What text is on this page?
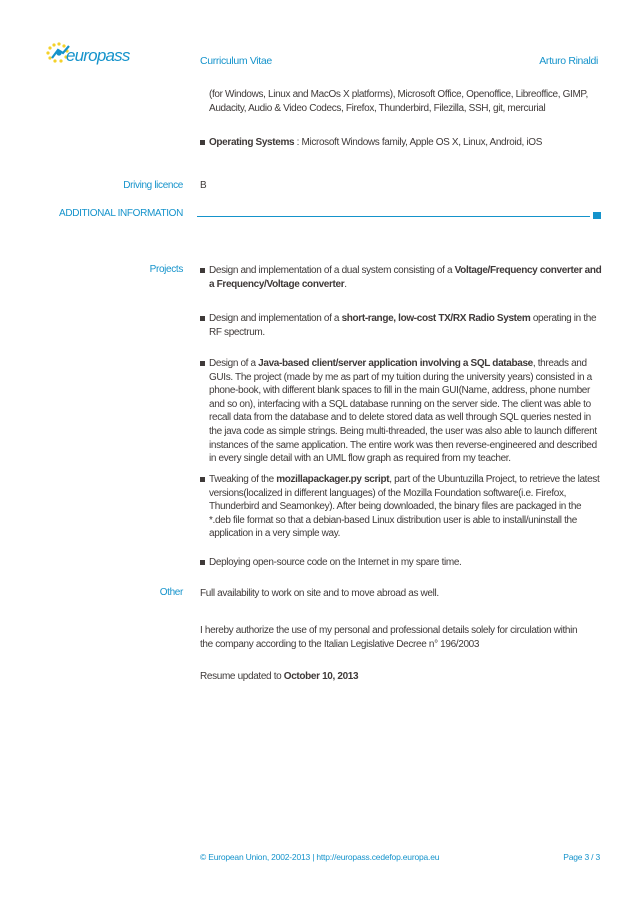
europass	Curriculum Vitae	Arturo Rinaldi
(for Windows, Linux and MacOs X platforms), Microsoft Office, Openoffice, Libreoffice, GIMP, Audacity, Audio & Video Codecs, Firefox, Thunderbird, Filezilla, SSH, git, mercurial
Operating Systems : Microsoft Windows family, Apple OS X, Linux, Android, iOS
Driving licence B
ADDITIONAL INFORMATION
Projects	Design and implementation of a dual system consisting of a Voltage/Frequency converter and a Frequency/Voltage converter.
Design and implementation of a short-range, low-cost TX/RX Radio System operating in the RF spectrum.
Design of a Java-based client/server application involving a SQL database, threads and GUIs. The project (made by me as part of my tuition during the university years) consisted in a phone-book, with different blank spaces to fill in the main GUI(Name, address, phone number and so on), interfacing with a SQL database running on the server side. The client was able to recall data from the database and to delete stored data as well through SQL queries nested in the java code as simple strings. Being multi-threaded, the user was also able to launch different instances of the same application. The entire work was then reverse-engineered and described in every single detail with an UML flow graph as required from my teacher.
Tweaking of the mozillapackager.py script, part of the Ubuntuzilla Project, to retrieve the latest versions(localized in different languages) of the Mozilla Foundation software(i.e. Firefox, Thunderbird and Seamonkey). After being downloaded, the binary files are packaged in the *.deb file format so that a debian-based Linux distribution user is able to install/uninstall the application in a very simple way.
Deploying open-source code on the Internet in my spare time.
Other Full availability to work on site and to move abroad as well.
I hereby authorize the use of my personal and professional details solely for circulation within the company according to the Italian Legislative Decree n° 196/2003
Resume updated to October 10, 2013
© European Union, 2002-2013 | http://europass.cedefop.europa.eu	Page 3 / 3
